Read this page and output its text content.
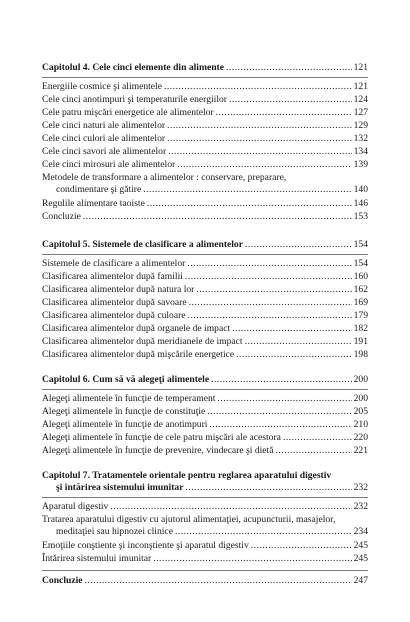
Capitolul 4. Cele cinci elemente din alimente .....	121
Energiile cosmice şi alimentele .....	121
Cele cinci anotimpuri şi temperaturile energiilor .....	124
Cele patru mişcări energetice ale alimentelor .....	127
Cele cinci naturi ale alimentelor .....	129
Cele cinci culori ale alimentelor .....	132
Cele cinci savori ale alimentelor .....	134
Cele cinci mirosuri ale alimentelor .....	139
Metodele de transformare a alimentelor : conservare, preparare,
condimentare şi gătire .....	140
Regulile alimentare taoiste .....	146
Concluzie .....	153
Capitolul 5. Sistemele de clasificare a alimentelor .....	154
Sistemele de clasificare a alimentelor .....	154
Clasificarea alimentelor după familii .....	160
Clasificarea alimentelor după natura lor .....	162
Clasificarea alimentelor după savoare .....	169
Clasificarea alimentelor după culoare .....	179
Clasificarea alimentelor după organele de impact .....	182
Clasificarea alimentelor după meridianele de impact .....	191
Clasificarea alimentelor după mişcările energetice .....	198
Capitolul 6. Cum să vă alegeţi alimentele .....	200
Alegeţi alimentele în funcţie de temperament .....	200
Alegeţi alimentele în funcţie de constituţie .....	205
Alegeţi alimentele în funcţie de anotimpuri .....	210
Alegeţi alimentele în funcţie de cele patru mişcări ale acestora .....	220
Alegeţi alimentele în funcţie de prevenire, vindecare şi dietă .....	221
Capitolul 7. Tratamentele orientale pentru reglarea aparatului digestiv
şi întărirea sistemului imunitar .....	232
Aparatul digestiv .....	232
Tratarea aparatului digestiv cu ajutorul alimentaţiei, acupuncturii, masajelor,
meditaţiei sau hipnozei clinice .....	234
Emoţiile conştiente şi inconştiente şi aparatul digestiv .....	245
Întărirea sistemului imunitar .....	245
Concluzie .....	247
